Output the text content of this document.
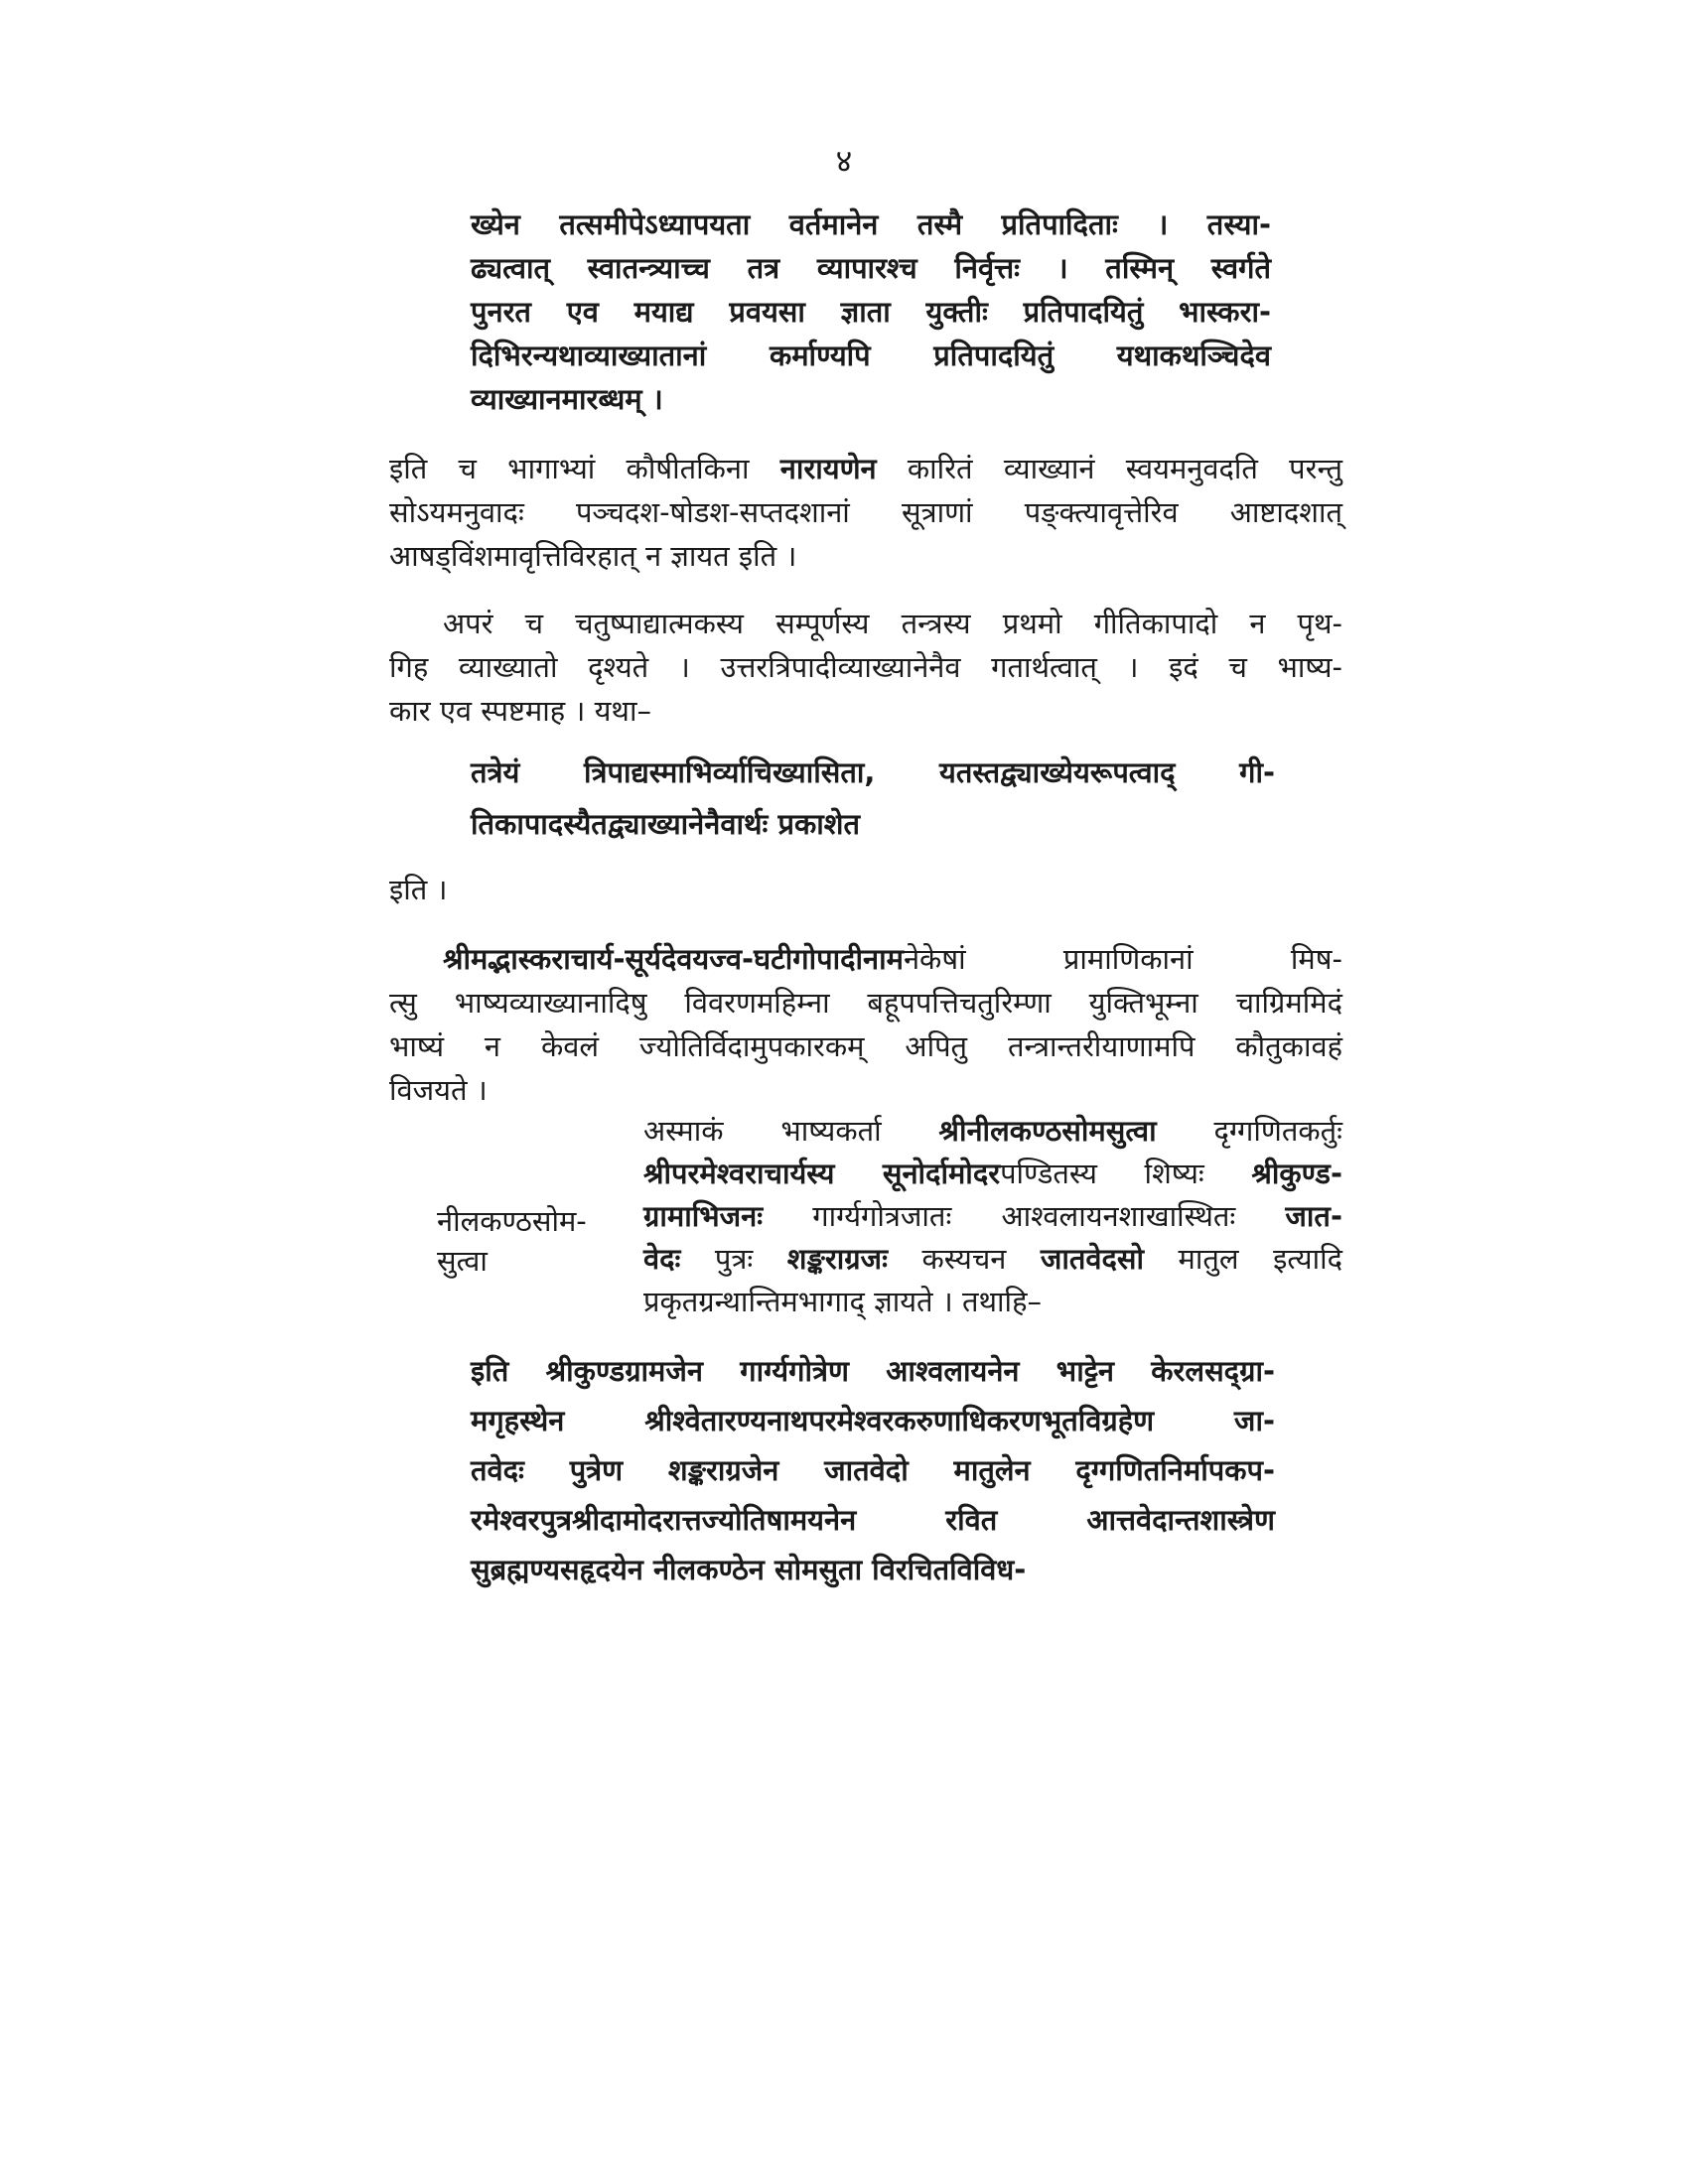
४
ख्येन तत्समीपेऽध्यापयता वर्तमानेन तस्मै प्रतिपादिताः । तस्या-
ढ्यत्वात् स्वातन्त्र्याच्च तत्र व्यापारश्च निर्वृत्तः । तस्मिन् स्वर्गते
पुनरत एव मयाद्य प्रवयसा ज्ञाता युक्तीः प्रतिपादयितुं भास्करा-
दिभिरन्यथाव्याख्यातानां कर्माण्यपि प्रतिपादयितुं यथाकथञ्चिदेव
व्याख्यानमारब्धम् ।
इति च भागाभ्यां कौषीतकिना नारायणेन कारितं व्याख्यानं स्वयमनुवदति परन्तु
सोऽयमनुवादः पञ्चदश-षोडश-सप्तदशानां सूत्राणां पङ्क्त्यावृत्तेरिव आष्टादशात्
आषड्विंशमावृत्तिविरहात् न ज्ञायत इति ।
अपरं च चतुष्पाद्यात्मकस्य सम्पूर्णस्य तन्त्रस्य प्रथमो गीतिकापादो न पृथ-
गिह व्याख्यातो दृश्यते । उत्तरत्रिपादीव्याख्यानेनैव गतार्थत्वात् । इदं च भाष्य-
कार एव स्पष्टमाह । यथा–
तत्रेयं त्रिपाद्यस्माभिर्व्याचिख्यासिता, यतस्तद्व्याख्येयरूपत्वाद् गी-
तिकापादस्यैतद्व्याख्यानेनैवार्थः प्रकाशेत
इति ।
श्रीमद्भास्कराचार्य-सूर्यदेवयज्व-घटीगोपादीनामनेकेषां प्रामाणिकानां मिष-
त्सु भाष्यव्याख्यानादिषु विवरणमहिम्ना बहूपपत्तिचतुरिम्णा युक्तिभूम्ना चाग्रिममिदं
भाष्यं न केवलं ज्योतिर्विदामुपकारकम् अपितु तन्त्रान्तरीयाणामपि कौतुकावहं
विजयते ।
नीलकण्ठसोम-
सुत्वा
अस्माकं भाष्यकर्ता श्रीनीलकण्ठसोमसुत्वा दृग्गणितकर्तुः
श्रीपरमेश्वराचार्यस्य सूनोर्दामोदरपण्डितस्य शिष्यः श्रीकुण्ड-
ग्रामाभिजनः गार्ग्यगोत्रजातः आश्वलायनशाखास्थितः जात-
वेदः पुत्रः शङ्कराग्रजः कस्यचन जातवेदसो मातुल इत्यादि
प्रकृतग्रन्थान्तिमभागाद् ज्ञायते । तथाहि–
इति श्रीकुण्डग्रामजेन गार्ग्यगोत्रेण आश्वलायनेन भाट्टेन केरलसद्ग्रा-
मगृहस्थेन श्रीश्वेतारण्यनाथपरमेश्वरकरुणाधिकरणभूतविग्रहेण जा-
तवेदः पुत्रेण शङ्कराग्रजेन जातवेदो मातुलेन दृग्गणितनिर्मापकप-
रमेश्वरपुत्रश्रीदामोदरात्तज्योतिषामयनेन रवित आत्तवेदान्तशास्त्रेण
सुब्रह्मण्यसहृदयेन नीलकण्ठेन सोमसुता विरचितविविध-
